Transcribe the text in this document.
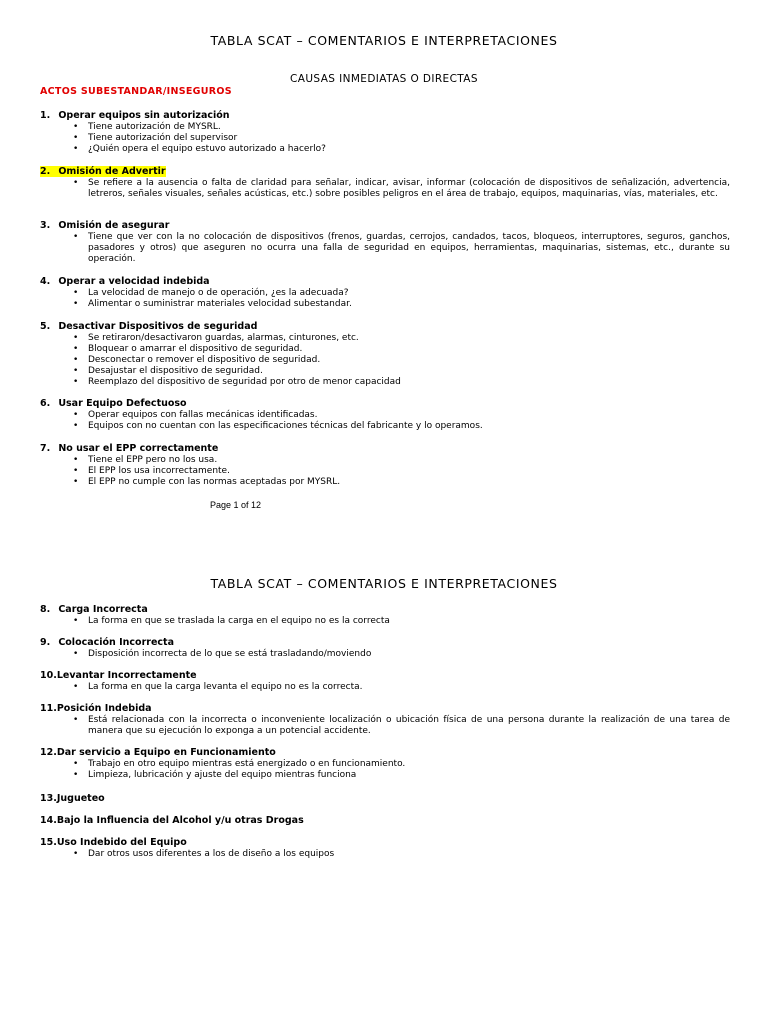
TABLA SCAT – COMENTARIOS E INTERPRETACIONES
CAUSAS INMEDIATAS O DIRECTAS
ACTOS SUBESTANDAR/INSEGUROS
1. Operar equipos sin autorización
• Tiene autorización de MYSRL.
• Tiene autorización del supervisor
• ¿Quién opera el equipo estuvo autorizado a hacerlo?
2. Omisión de Advertir
• Se refiere a la ausencia o falta de claridad para señalar, indicar, avisar, informar (colocación de dispositivos de señalización, advertencia, letreros, señales visuales, señales acústicas, etc.) sobre posibles peligros en el área de trabajo, equipos, maquinarias, vías, materiales, etc.
3. Omisión de asegurar
• Tiene que ver con la no colocación de dispositivos (frenos, guardas, cerrojos, candados, tacos, bloqueos, interruptores, seguros, ganchos, pasadores y otros) que aseguren no ocurra una falla de seguridad en equipos, herramientas, maquinarias, sistemas, etc., durante su operación.
4. Operar a velocidad indebida
• La velocidad de manejo o de operación, ¿es la adecuada?
• Alimentar o suministrar materiales velocidad subestandar.
5. Desactivar Dispositivos de seguridad
• Se retiraron/desactivaron guardas, alarmas, cinturones, etc.
• Bloquear o amarrar el dispositivo de seguridad.
• Desconectar o remover el dispositivo de seguridad.
• Desajustar el dispositivo de seguridad.
• Reemplazo del dispositivo de seguridad por otro de menor capacidad
6. Usar Equipo Defectuoso
• Operar equipos con fallas mecánicas identificadas.
• Equipos con no cuentan con las especificaciones técnicas del fabricante y lo operamos.
7. No usar el EPP correctamente
• Tiene el EPP pero no los usa.
• El EPP los usa incorrectamente.
• El EPP no cumple con las normas aceptadas por MYSRL.
Page 1 of 12
TABLA SCAT – COMENTARIOS E INTERPRETACIONES
8. Carga Incorrecta
• La forma en que se traslada la carga en el equipo no es la correcta
9. Colocación Incorrecta
• Disposición incorrecta de lo que se está trasladando/moviendo
10.Levantar Incorrectamente
• La forma en que la carga levanta el equipo no es la correcta.
11.Posición Indebida
• Está relacionada con la incorrecta o inconveniente localización o ubicación física de una persona durante la realización de una tarea de manera que su ejecución lo exponga a un potencial accidente.
12.Dar servicio a Equipo en Funcionamiento
• Trabajo en otro equipo mientras está energizado o en funcionamiento.
• Limpieza, lubricación y ajuste del equipo mientras funciona
13.Jugueteo
14.Bajo la Influencia del Alcohol y/u otras Drogas
15.Uso Indebido del Equipo
• Dar otros usos diferentes a los de diseño a los equipos
